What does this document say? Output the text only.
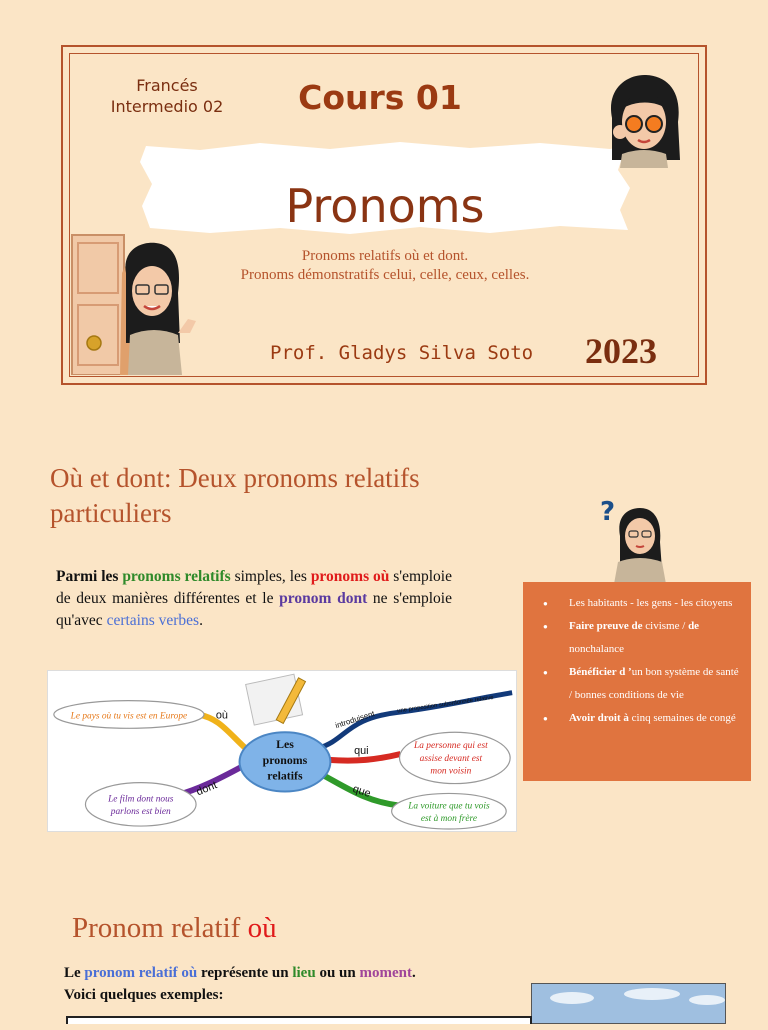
Francés
Intermedio 02	Cours 01
Pronoms
Pronoms relatifs où et dont.
Pronoms démonstratifs celui, celle, ceux, celles.
Prof. Gladys Silva Soto 2023
Où et dont: Deux pronoms relatifs particuliers	?
Parmi les pronoms relatifs simples, les pronoms où s'emploie de deux manières différentes et le pronom dont ne s'emploie qu'avec certains verbes.
● Les habitants - les gens - les citoyens
● Faire preuve de civisme / de nonchalance
● Bénéficier d ’un bon système de santé / bonnes conditions de vie
● Avoir droit à cinq semaines de congé
Les
pronoms
relatifs
où
dont
qui
que
introduisent
une proposition subordonnée relative
Le pays où tu vis est en Europe
Le film dont nous
parlons est bien
La personne qui est
assise devant est
mon voisin
La voiture que tu vois
est à mon frère
Pronom relatif où
Le pronom relatif où représente un lieu ou un moment.
Voici quelques exemples:
